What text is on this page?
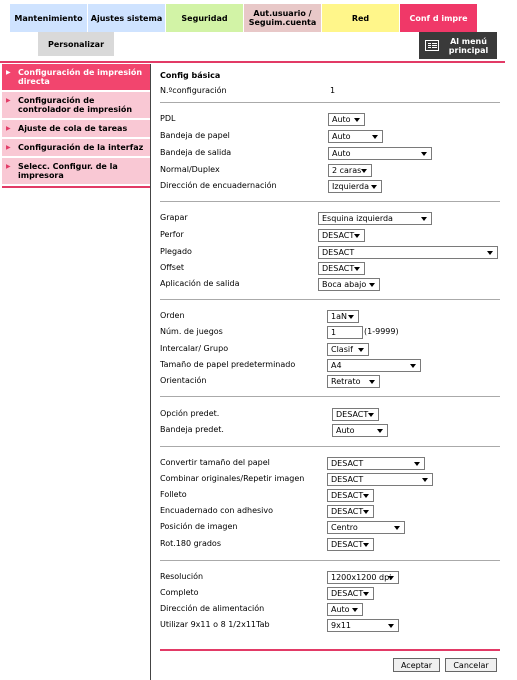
Mantenimiento	Ajustes sistema	Seguridad	Aut.usuario / Seguim.cuenta	Red	Conf d impre
Personalizar	Al menú principal
▶ Configuración de impresión directa
▶ Configuración de controlador de impresión
▶ Ajuste de cola de tareas
▶ Configuración de la interfaz
▶ Selecc. Configur. de la impresora
Config básica
N.ºconfiguración	1
PDL	Auto
Bandeja de papel	Auto
Bandeja de salida	Auto
Normal/Duplex	2 caras
Dirección de encuadernación	Izquierda
Grapar	Esquina izquierda
Perfor	DESACT
Plegado	DESACT
Offset	DESACT
Aplicación de salida	Boca abajo
Orden	1aN
Núm. de juegos	1	(1-9999)
Intercalar/ Grupo	Clasif
Tamaño de papel predeterminado	A4
Orientación	Retrato
Opción predet.	DESACT
Bandeja predet.	Auto
Convertir tamaño del papel	DESACT
Combinar originales/Repetir imagen	DESACT
Folleto	DESACT
Encuadernado con adhesivo	DESACT
Posición de imagen	Centro
Rot.180 grados	DESACT
Resolución	1200x1200 dpi
Completo	DESACT
Dirección de alimentación	Auto
Utilizar 9x11 o 8 1/2x11Tab	9x11
Aceptar	Cancelar
